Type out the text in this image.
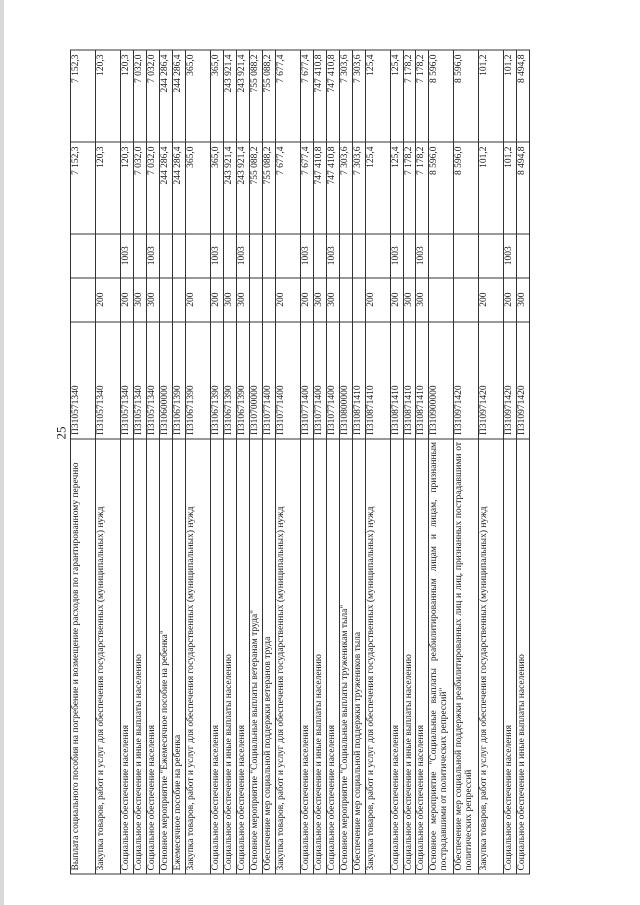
25
Выплата социального пособия на погребение и возмещение расходов по гарантированному перечню	П310571340			7 152,3	7 152,3
Закупка товаров, работ и услуг для обеспечения государственных (муниципальных) нужд	П310571340	200		120,3	120,3
Социальное обеспечение населения	П310571340	200	1003	120,3	120,3
Социальное обеспечение и иные выплаты населению	П310571340	300		7 032,0	7 032,0
Социальное обеспечение населения	П310571340	300	1003	7 032,0	7 032,0
Основное мероприятие "Ежемесячное пособие на ребенка"	П310600000			244 286,4	244 286,4
Ежемесячное пособие на ребенка	П310671390			244 286,4	244 286,4
Закупка товаров, работ и услуг для обеспечения государственных (муниципальных) нужд	П310671390	200		365,0	365,0
Социальное обеспечение населения	П310671390	200	1003	365,0	365,0
Социальное обеспечение и иные выплаты населению	П310671390	300		243 921,4	243 921,4
Социальное обеспечение населения	П310671390	300	1003	243 921,4	243 921,4
Основное мероприятие "Социальные выплаты ветеранам труда"	П310700000			755 088,2	755 088,2
Обеспечение мер социальной поддержки ветеранов труда	П310771400			755 088,2	755 088,2
Закупка товаров, работ и услуг для обеспечения государственных (муниципальных) нужд	П310771400	200		7 677,4	7 677,4
Социальное обеспечение населения	П310771400	200	1003	7 677,4	7 677,4
Социальное обеспечение и иные выплаты населению	П310771400	300		747 410,8	747 410,8
Социальное обеспечение населения	П310771400	300	1003	747 410,8	747 410,8
Основное мероприятие "Социальные выплаты труженикам тыла"	П310800000			7 303,6	7 303,6
Обеспечение мер социальной поддержки тружеников тыла	П310871410			7 303,6	7 303,6
Закупка товаров, работ и услуг для обеспечения государственных (муниципальных) нужд	П310871410	200		125,4	125,4
Социальное обеспечение населения	П310871410	200	1003	125,4	125,4
Социальное обеспечение и иные выплаты населению	П310871410	300		7 178,2	7 178,2
Социальное обеспечение населения	П310871410	300	1003	7 178,2	7 178,2
Основное мероприятие "Социальные выплаты реабилитированным лицам и лицам, признанным пострадавшими от политических репрессий"	П310900000			8 596,0	8 596,0
Обеспечение мер социальной поддержки реабилитированных лиц и лиц, признанных пострадавшими от политических репрессий	П310971420			8 596,0	8 596,0
Закупка товаров, работ и услуг для обеспечения государственных (муниципальных) нужд	П310971420	200		101,2	101,2
Социальное обеспечение населения	П310971420	200	1003	101,2	101,2
Социальное обеспечение и иные выплаты населению	П310971420	300		8 494,8	8 494,8
